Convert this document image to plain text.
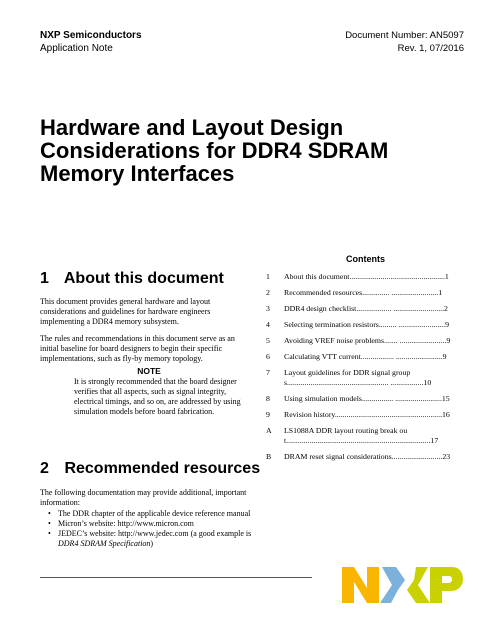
NXP Semiconductors
Application Note
Document Number: AN5097
Rev. 1, 07/2016
Hardware and Layout Design Considerations for DDR4 SDRAM Memory Interfaces
1 About this document

This document provides general hardware and layout considerations and guidelines for hardware engineers implementing a DDR4 memory subsystem.

The rules and recommendations in this document serve as an initial baseline for board designers to begin their specific implementations, such as fly-by memory topology.

NOTE
It is strongly recommended that the board designer verifies that all aspects, such as signal integrity, electrical timings, and so on, are addressed by using simulation models before board fabrication.
2 Recommended resources

The following documentation may provide additional, important information:

• The DDR chapter of the applicable device reference manual
• Micron’s website: http://www.micron.com
• JEDEC’s website: http://www.jedec.com (a good example is DDR4 SDRAM Specification)
Contents
1	About this document.................................................1
2	Recommended resources.............. ........................1
3	DDR4 design checklist.................. ..........................2
4	Selecting termination resistors......... ........................9
5	Avoiding VREF noise problems....... ........................9
6	Calculating VTT current................. ........................9
7	Layout guidelines for DDR signal groups.................................................... .................10
8	Using simulation models................ ........................15
9	Revision history.......................................................16
A	LS1088A DDR layout routing break out..........................................................................17
B	DRAM reset signal considerations..........................23
